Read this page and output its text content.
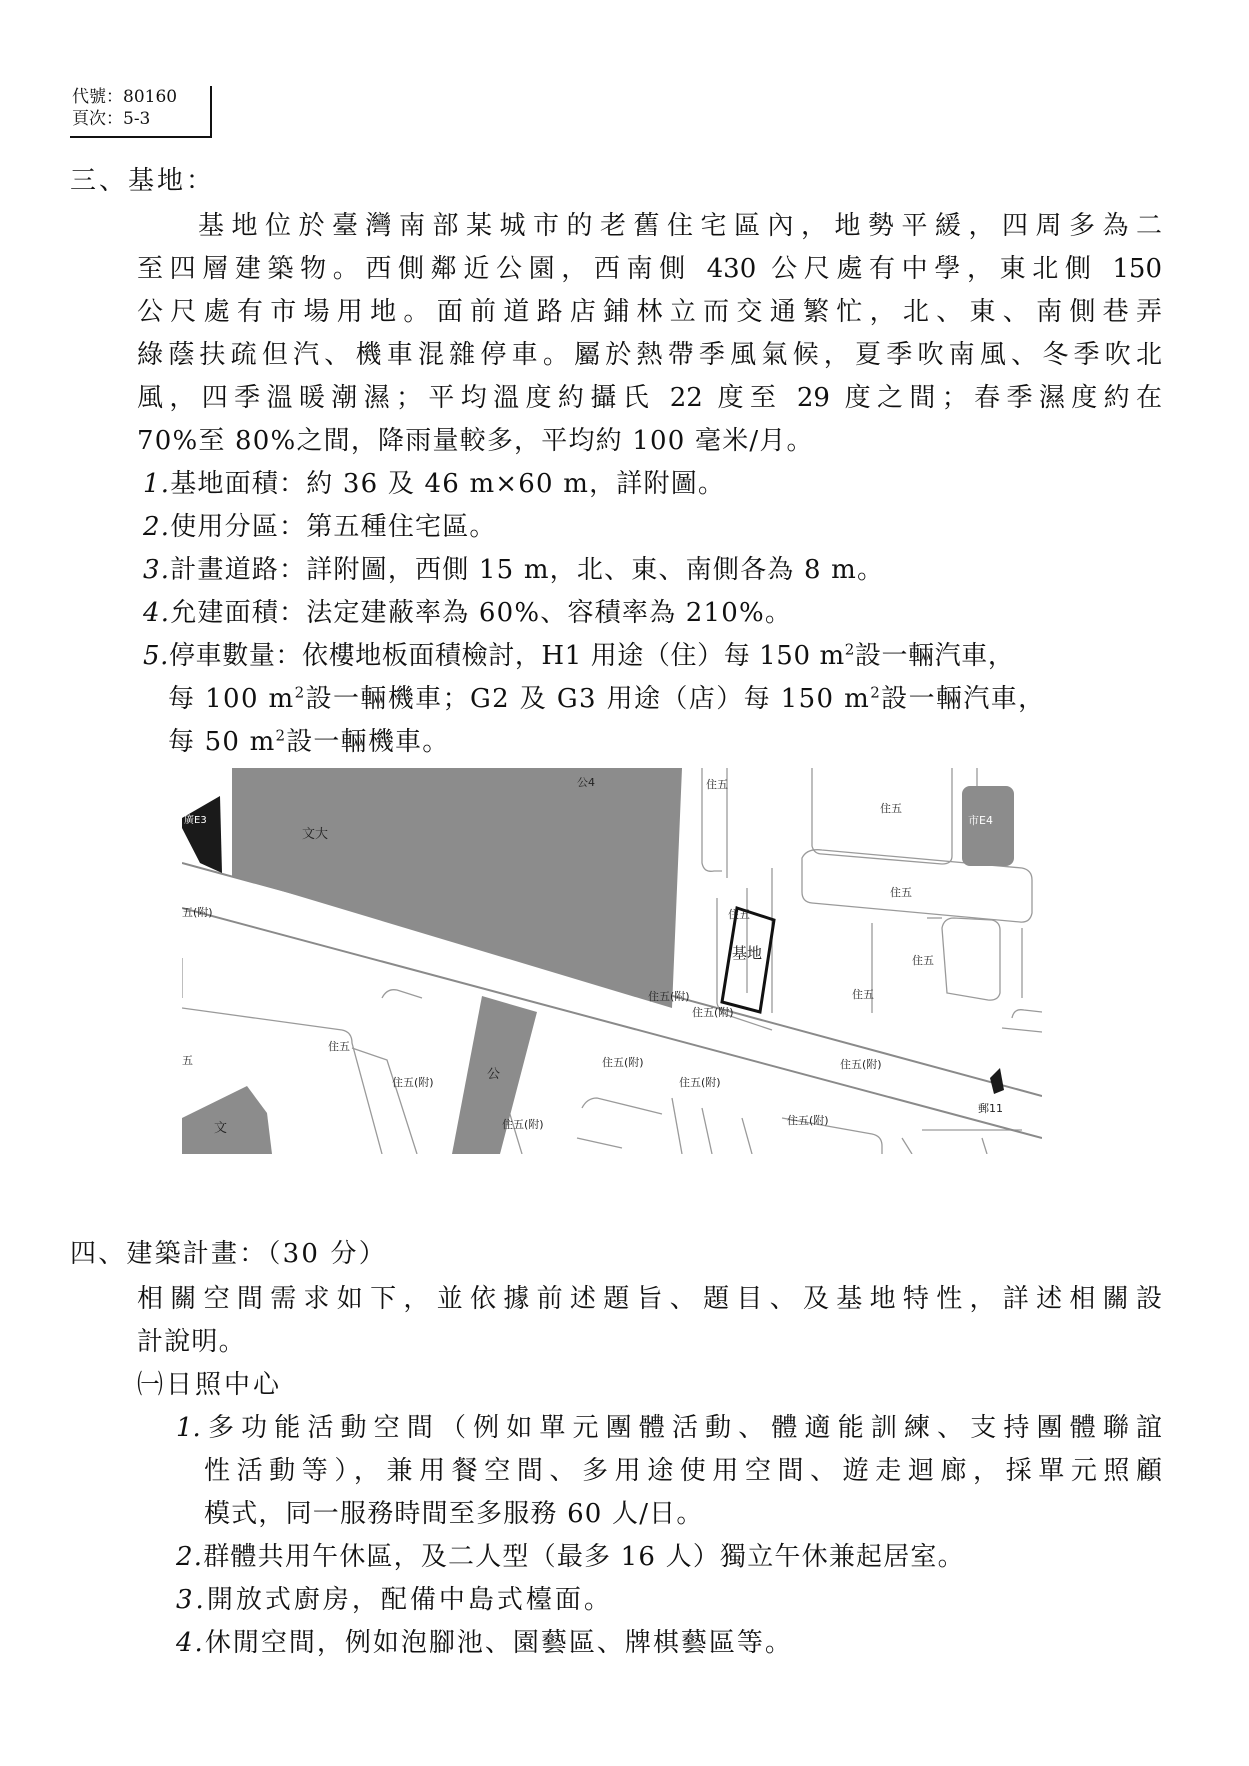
代號：80160
頁次：5-3
三、基地：
基地位於臺灣南部某城市的老舊住宅區內，地勢平緩，四周多為二
至四層建築物。西側鄰近公園，西南側 430 公尺處有中學，東北側 150
公尺處有市場用地。面前道路店鋪林立而交通繁忙，北、東、南側巷弄
綠蔭扶疏但汽、機車混雜停車。屬於熱帶季風氣候，夏季吹南風、冬季吹北
風，四季溫暖潮濕；平均溫度約攝氏 22 度至 29 度之間；春季濕度約在
70%至 80%之間，降雨量較多，平均約 100 毫米/月。
1.基地面積：約 36 及 46 m×60 m，詳附圖。
2.使用分區：第五種住宅區。
3.計畫道路：詳附圖，西側 15 m，北、東、南側各為 8 m。
4.允建面積：法定建蔽率為 60%、容積率為 210%。
5.停車數量：依樓地板面積檢討，H1 用途（住）每 150 $m^2$設一輛汽車，
每 100 $m^2$設一輛機車；G2 及 G3 用途（店）每 150 $m^2$設一輛汽車，
每 50 $m^2$設一輛機車。
公4
廣E3
文大
住五
住五
市E4
住五
五(附)	住五
基地	住五
住五
住五(附)
住五(附)
住五
住五(附)	住五(附)
五
公
住五(附)	住五(附)
住五(附)	住五(附)
郵11
文
四、建築計畫：（30 分）
相關空間需求如下，並依據前述題旨、題目、及基地特性，詳述相關設
計說明。
㈠日照中心
1.多功能活動空間（例如單元團體活動、體適能訓練、支持團體聯誼
性活動等），兼用餐空間、多用途使用空間、遊走迴廊，採單元照顧
模式，同一服務時間至多服務 60 人/日。
2.群體共用午休區，及二人型（最多 16 人）獨立午休兼起居室。
3.開放式廚房，配備中島式檯面。
4.休閒空間，例如泡腳池、園藝區、牌棋藝區等。
